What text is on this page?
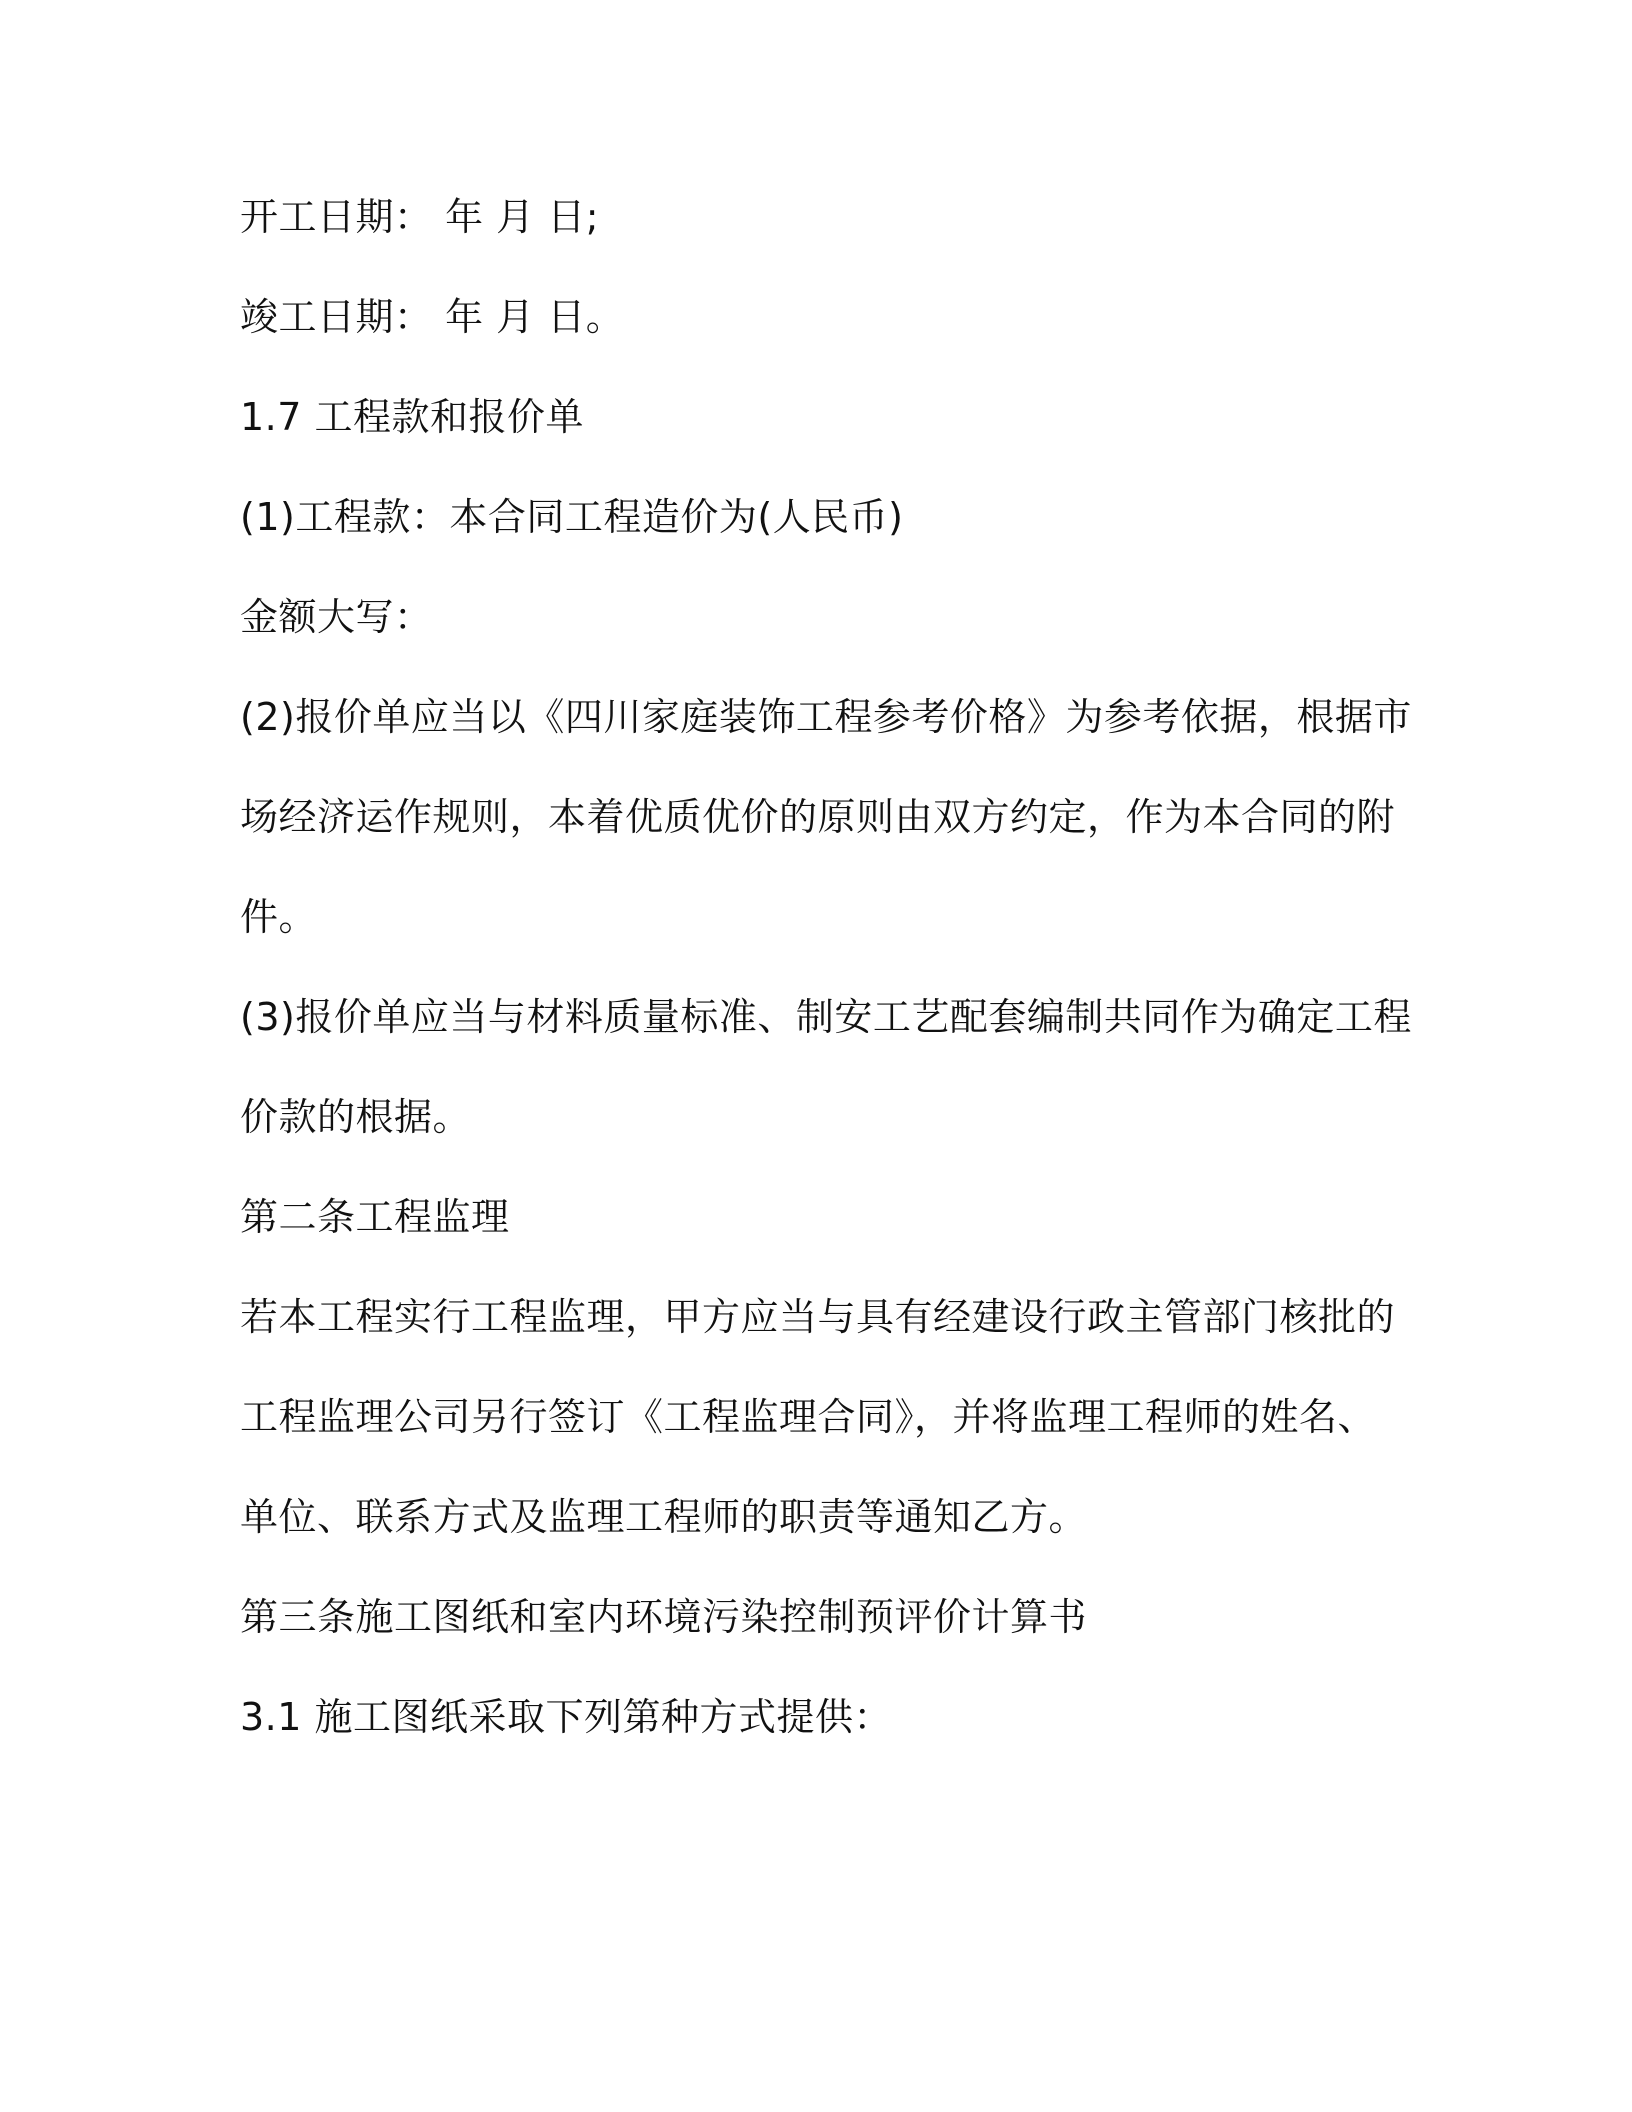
开工日期： 年 月 日;

竣工日期： 年 月 日。

1.7 工程款和报价单

(1)工程款：本合同工程造价为(人民币)

金额大写：

(2)报价单应当以《四川家庭装饰工程参考价格》为参考依据，根据市

场经济运作规则，本着优质优价的原则由双方约定，作为本合同的附

件。

(3)报价单应当与材料质量标准、制安工艺配套编制共同作为确定工程

价款的根据。

第二条工程监理

若本工程实行工程监理，甲方应当与具有经建设行政主管部门核批的

工程监理公司另行签订《工程监理合同》，并将监理工程师的姓名、

单位、联系方式及监理工程师的职责等通知乙方。

第三条施工图纸和室内环境污染控制预评价计算书

3.1 施工图纸采取下列第种方式提供：
